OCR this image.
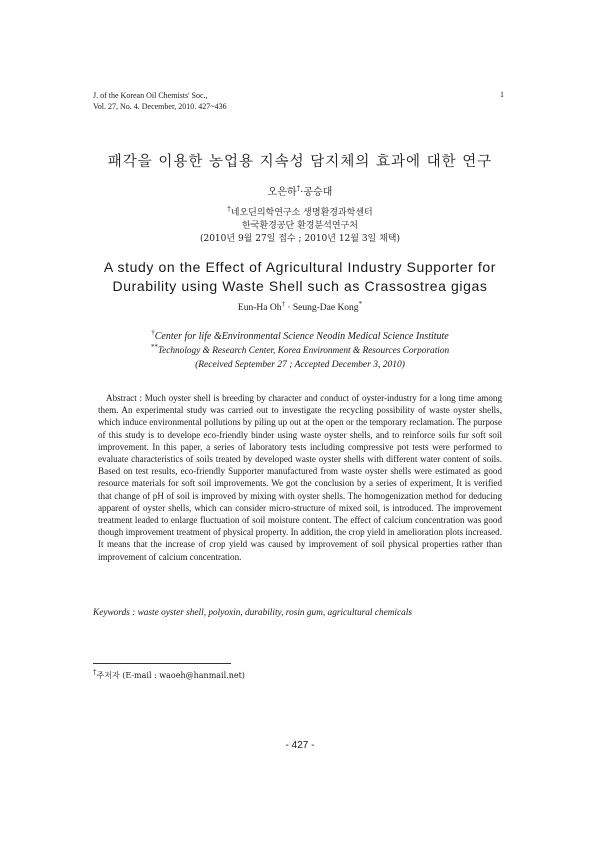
J. of the Korean Oil Chemists' Soc.,
Vol. 27, No. 4. December, 2010. 427~436
1
패각을 이용한 농업용 지속성 담지체의 효과에 대한 연구
오은하†·공승대
†네오딘의학연구소 생명환경과학센터
한국환경공단 환경분석연구처
(2010년 9월 27일 접수 ; 2010년 12월 3일 채택)
A study on the Effect of Agricultural Industry Supporter for
Durability using Waste Shell such as Crassostrea gigas
Eun-Ha Oh† · Seung-Dae Kong*
†Center for life &Environmental Science Neodin Medical Science Institute
**Technology & Research Center, Korea Environment & Resources Corporation
(Received September 27 ; Accepted December 3, 2010)
Abstract : Much oyster shell is breeding by character and conduct of oyster-industry for a long time among them. An experimental study was carried out to investigate the recycling possibility of waste oyster shells, which induce environmental pollutions by piling up out at the open or the temporary reclamation. The purpose of this study is to develope eco-friendly binder using waste oyster shells, and to reinforce soils fur soft soil improvement. In this paper, a series of laboratory tests including compressive pot tests were performed to evaluate characteristics of soils treated by developed waste oyster shells with different water content of soils. Based on test results, eco-friendly Supporter manufactured from waste oyster shells were estimated as good resource materials for soft soil improvements. We got the conclusion by a series of experiment, It is verified that change of pH of soil is improved by mixing with oyster shells. The homogenization method for deducing apparent of oyster shells, which can consider micro-structure of mixed soil, is introduced. The improvement treatment leaded to enlarge fluctuation of soil moisture content. The effect of calcium concentration was good though improvement treatment of physical property. In addition, the crop yield in amelioration plots increased. It means that the increase of crop yield was caused by improvement of soil physical properties rather than improvement of calcium concentration.
Keywords : waste oyster shell, polyoxin, durability, rosin gum, agricultural chemicals
†주저자 (E-mail : waoeh@hanmail.net)
- 427 -
